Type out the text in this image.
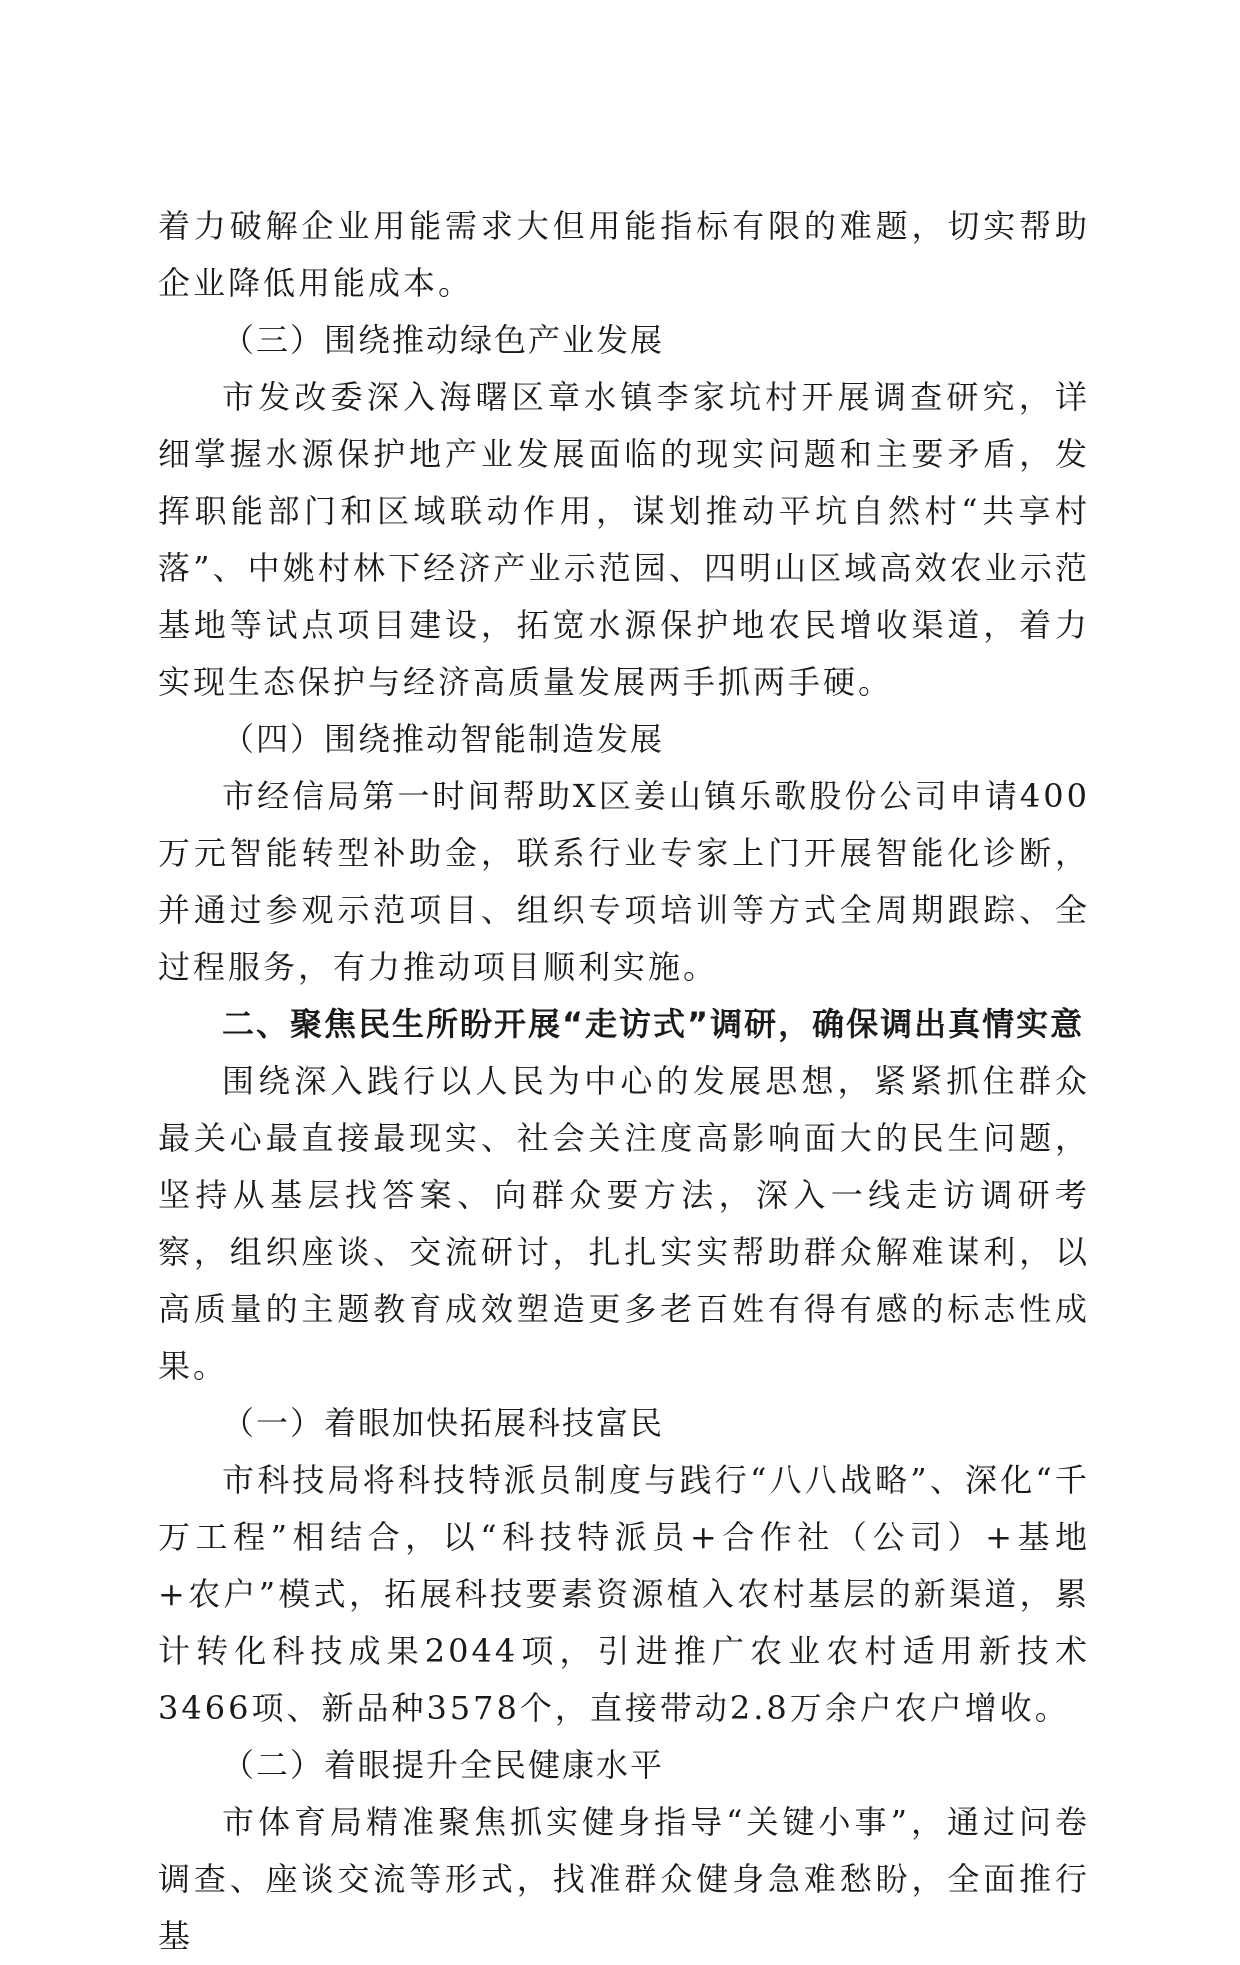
着力破解企业用能需求大但用能指标有限的难题，切实帮助企业降低用能成本。

（三）围绕推动绿色产业发展

市发改委深入海曙区章水镇李家坑村开展调查研究，详细掌握水源保护地产业发展面临的现实问题和主要矛盾，发挥职能部门和区域联动作用，谋划推动平坑自然村“共享村落”、中姚村林下经济产业示范园、四明山区域高效农业示范基地等试点项目建设，拓宽水源保护地农民增收渠道，着力实现生态保护与经济高质量发展两手抓两手硬。

（四）围绕推动智能制造发展

市经信局第一时间帮助X区姜山镇乐歌股份公司申请400万元智能转型补助金，联系行业专家上门开展智能化诊断，并通过参观示范项目、组织专项培训等方式全周期跟踪、全过程服务，有力推动项目顺利实施。

二、聚焦民生所盼开展“走访式”调研，确保调出真情实意

围绕深入践行以人民为中心的发展思想，紧紧抓住群众最关心最直接最现实、社会关注度高影响面大的民生问题，坚持从基层找答案、向群众要方法，深入一线走访调研考察，组织座谈、交流研讨，扎扎实实帮助群众解难谋利，以高质量的主题教育成效塑造更多老百姓有得有感的标志性成果。

（一）着眼加快拓展科技富民

市科技局将科技特派员制度与践行“八八战略”、深化“千万工程”相结合，以“科技特派员+合作社（公司）+基地+农户”模式，拓展科技要素资源植入农村基层的新渠道，累计转化科技成果2044项，引进推广农业农村适用新技术3466项、新品种3578个，直接带动2.8万余户农户增收。

（二）着眼提升全民健康水平

市体育局精准聚焦抓实健身指导“关键小事”，通过问卷调查、座谈交流等形式，找准群众健身急难愁盼，全面推行基
